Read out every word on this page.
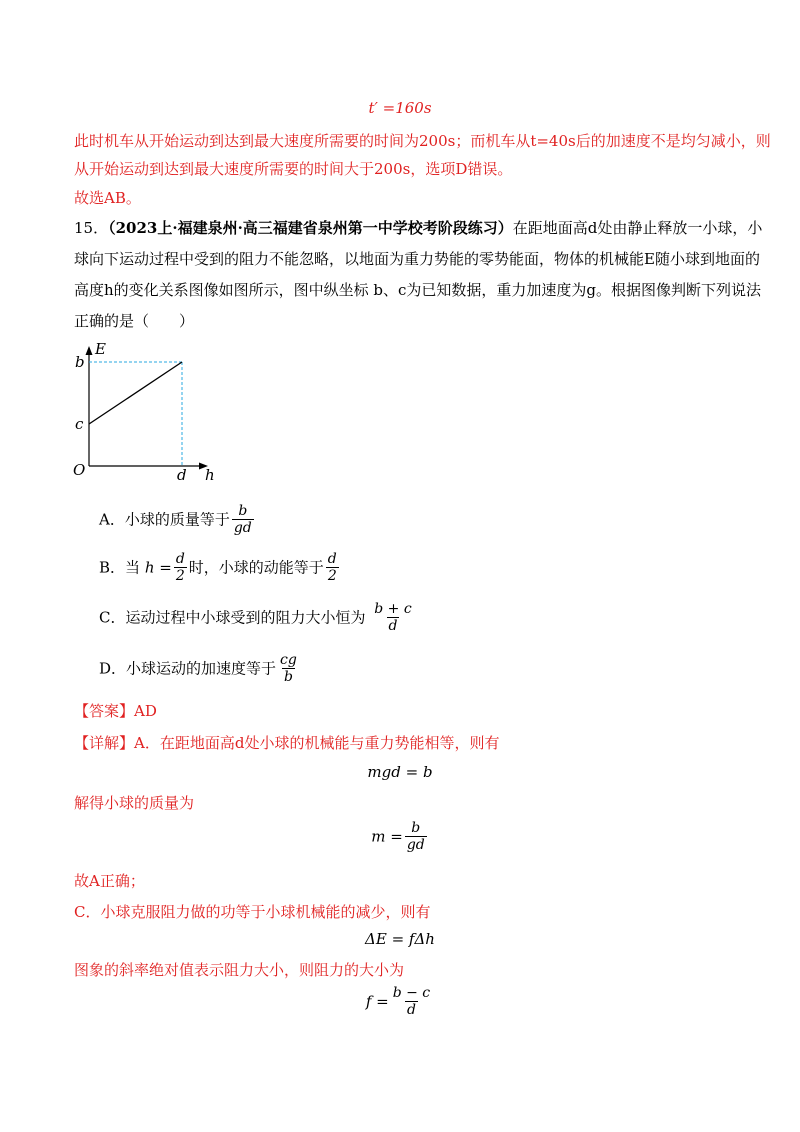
t′ =160s
此时机车从开始运动到达到最大速度所需要的时间为200s；而机车从t=40s后的加速度不是均匀减小，则
从开始运动到达到最大速度所需要的时间大于200s，选项D错误。
故选AB。
15．（2023上·福建泉州·高三福建省泉州第一中学校考阶段练习）在距地面高d处由静止释放一小球，小
球向下运动过程中受到的阻力不能忽略，以地面为重力势能的零势能面，物体的机械能E随小球到地面的
高度h的变化关系图像如图所示，图中纵坐标 b、c为已知数据，重力加速度为g。根据图像判断下列说法
正确的是（　　）
E
b
c
O	d h
A．小球的质量等于 $\frac{b}{gd}$
B．当 $h = \frac{d}{2}$ 时，小球的动能等于 $\frac{d}{2}$
C．运动过程中小球受到的阻力大小恒为 $\frac{b + c}{d}$
D．小球运动的加速度等于 $\frac{cg}{b}$
【答案】AD
【详解】A．在距地面高d处小球的机械能与重力势能相等，则有
mgd = b
解得小球的质量为
$m = \frac{b}{gd}$
故A正确；
C．小球克服阻力做的功等于小球机械能的减少，则有
ΔE = fΔh
图象的斜率绝对值表示阻力大小，则阻力的大小为
$f = \frac{b - c}{d}$
